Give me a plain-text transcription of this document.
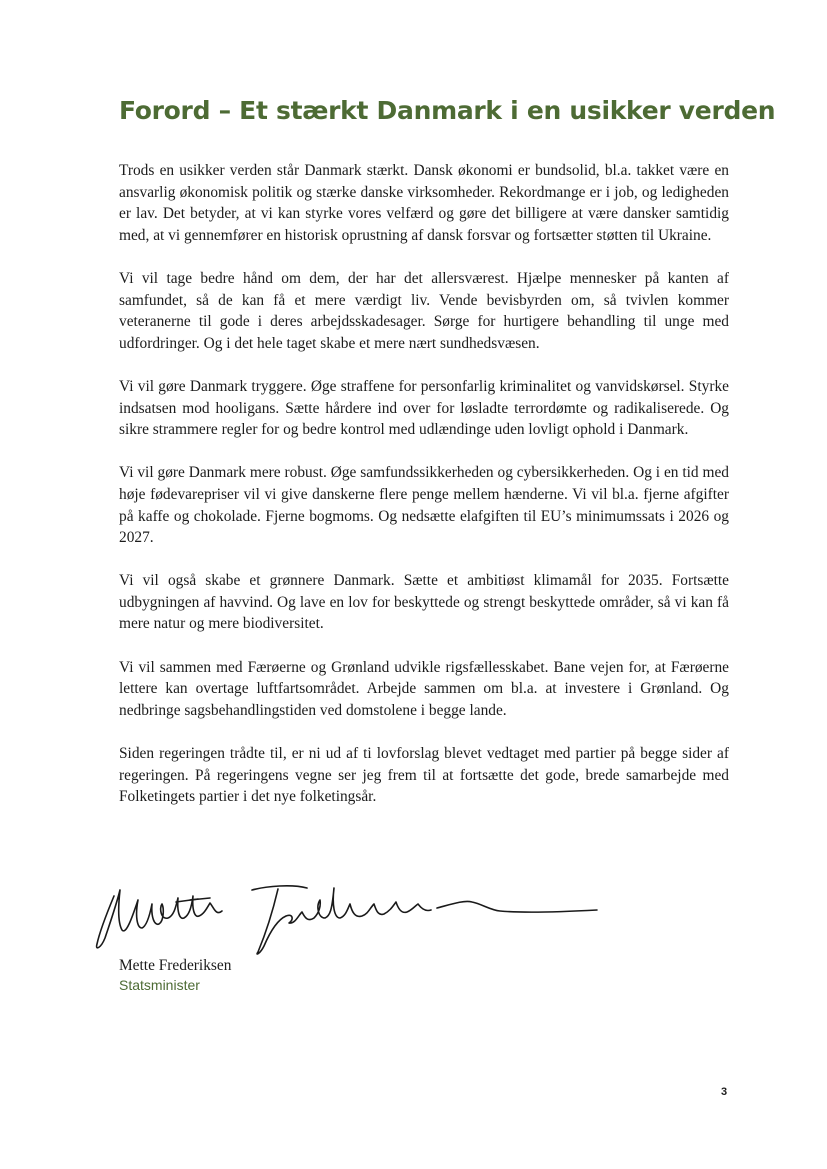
Forord – Et stærkt Danmark i en usikker verden

Trods en usikker verden står Danmark stærkt. Dansk økonomi er bundsolid, bl.a. takket være en ansvarlig økonomisk politik og stærke danske virksomheder. Rekordmange er i job, og ledigheden er lav. Det betyder, at vi kan styrke vores velfærd og gøre det billigere at være dansker samtidig med, at vi gennemfører en historisk oprustning af dansk forsvar og fortsætter støtten til Ukraine.

Vi vil tage bedre hånd om dem, der har det allersværest. Hjælpe mennesker på kanten af samfundet, så de kan få et mere værdigt liv. Vende bevisbyrden om, så tvivlen kommer veteranerne til gode i deres arbejdsskadesager. Sørge for hurtigere behandling til unge med udfordringer. Og i det hele taget skabe et mere nært sundhedsvæsen.

Vi vil gøre Danmark tryggere. Øge straffene for personfarlig kriminalitet og vanvidskørsel. Styrke indsatsen mod hooligans. Sætte hårdere ind over for løsladte terrordømte og radikaliserede. Og sikre strammere regler for og bedre kontrol med udlændinge uden lovligt ophold i Danmark.

Vi vil gøre Danmark mere robust. Øge samfundssikkerheden og cybersikkerheden. Og i en tid med høje fødevarepriser vil vi give danskerne flere penge mellem hænderne. Vi vil bl.a. fjerne afgifter på kaffe og chokolade. Fjerne bogmoms. Og nedsætte elafgiften til EU’s minimumssats i 2026 og 2027.

Vi vil også skabe et grønnere Danmark. Sætte et ambitiøst klimamål for 2035. Fortsætte udbygningen af havvind. Og lave en lov for beskyttede og strengt beskyttede områder, så vi kan få mere natur og mere biodiversitet.

Vi vil sammen med Færøerne og Grønland udvikle rigsfællesskabet. Bane vejen for, at Færøerne lettere kan overtage luftfartsområdet. Arbejde sammen om bl.a. at investere i Grønland. Og nedbringe sagsbehandlingstiden ved domstolene i begge lande.

Siden regeringen trådte til, er ni ud af ti lovforslag blevet vedtaget med partier på begge sider af regeringen. På regeringens vegne ser jeg frem til at fortsætte det gode, brede samarbejde med Folketingets partier i det nye folketingsår.

Mette Frederiksen
Statsminister
3
